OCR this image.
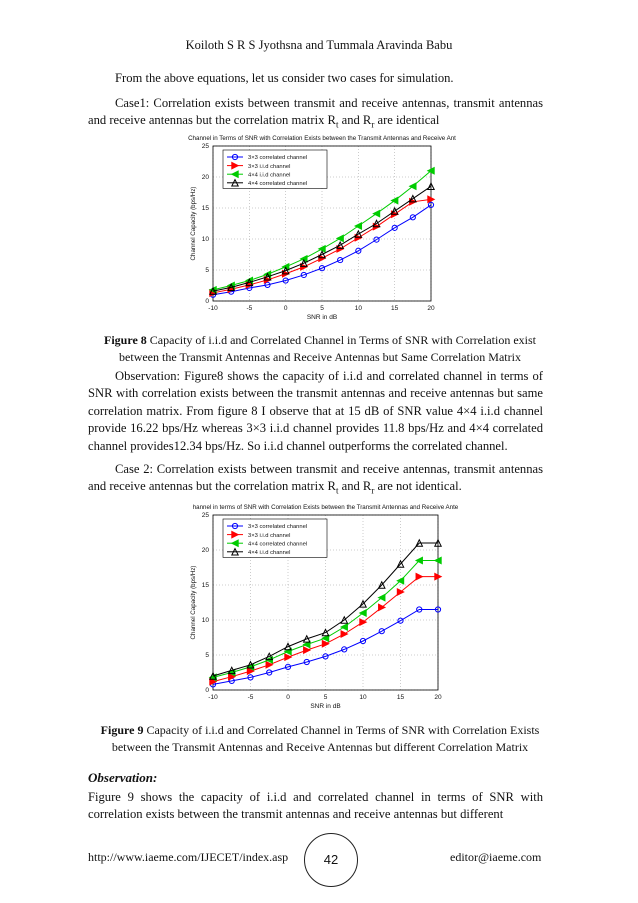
Koiloth S R S Jyothsna and Tummala Aravinda Babu
From the above equations, let us consider two cases for simulation.
Case1: Correlation exists between transmit and receive antennas, transmit antennas and receive antennas but the correlation matrix $R_t$ and $R_r$ are identical
Channel in Terms of SNR with Correlation Exists between the Transmit Antennas and Receive Ant
-10	-5	0	5	10	15	20
0
5
10
15
20
25
SNR in dB
Channel Capacity (bps/Hz)
3×3 correlated channel
3×3 i.i.d channel
4×4 i.i.d channel
4×4 correlated channel
Figure 8 Capacity of i.i.d and Correlated Channel in Terms of SNR with Correlation exist between the Transmit Antennas and Receive Antennas but Same Correlation Matrix
Observation: Figure8 shows the capacity of i.i.d and correlated channel in terms of SNR with correlation exists between the transmit antennas and receive antennas but same correlation matrix. From figure 8 I observe that at 15 dB of SNR value 4×4 i.i.d channel provide 16.22 bps/Hz whereas 3×3 i.i.d channel provides 11.8 bps/Hz and 4×4 correlated channel provides12.34 bps/Hz. So i.i.d channel outperforms the correlated channel.
Case 2: Correlation exists between transmit and receive antennas, transmit antennas and receive antennas but the correlation matrix $R_t$ and $R_r$ are not identical.
hannel in terms of SNR with Correlation Exists between the Transmit Antennas and Receive Ante
-10	-5	0	5	10	15	20
0
5
10
15
20
25
SNR in dB
Channel Capacity (bps/Hz)
3×3 correlated channel
3×3 i.i.d channel
4×4 correlated channel
4×4 i.i.d channel
Figure 9 Capacity of i.i.d and Correlated Channel in Terms of SNR with Correlation Exists between the Transmit Antennas and Receive Antennas but different Correlation Matrix
Observation:
Figure 9 shows the capacity of i.i.d and correlated channel in terms of SNR with correlation exists between the transmit antennas and receive antennas but different
http://www.iaeme.com/IJECET/index.asp	42	editor@iaeme.com
